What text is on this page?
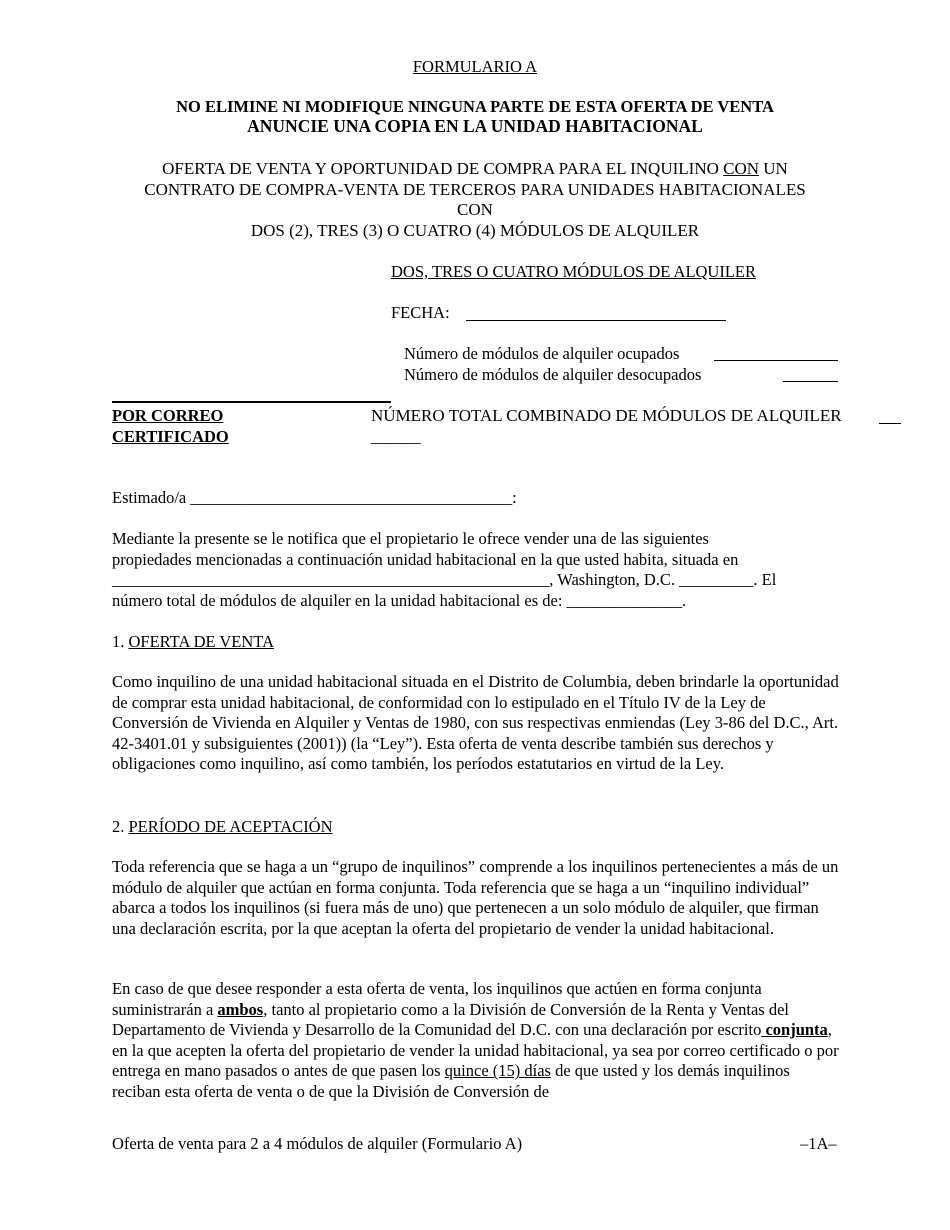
FORMULARIO A
NO ELIMINE NI MODIFIQUE NINGUNA PARTE DE ESTA OFERTA DE VENTA
ANUNCIE UNA COPIA EN LA UNIDAD HABITACIONAL
OFERTA DE VENTA Y OPORTUNIDAD DE COMPRA PARA EL INQUILINO CON UN
CONTRATO DE COMPRA-VENTA DE TERCEROS PARA UNIDADES HABITACIONALES
CON
DOS (2), TRES (3) O CUATRO (4) MÓDULOS DE ALQUILER
DOS, TRES O CUATRO MÓDULOS DE ALQUILER
FECHA:
Número de módulos de alquiler ocupados
Número de módulos de alquiler desocupados
POR CORREO
CERTIFICADO
NÚMERO TOTAL COMBINADO DE MÓDULOS DE ALQUILER
______
Estimado/a _______________________________________:
Mediante la presente se le notifica que el propietario le ofrece vender una de las siguientes
propiedades mencionadas a continuación unidad habitacional en la que usted habita, situada en
_____________________________________________________, Washington, D.C. _________. El
número total de módulos de alquiler en la unidad habitacional es de: ______________.
1. OFERTA DE VENTA

Como inquilino de una unidad habitacional situada en el Distrito de Columbia, deben brindarle la oportunidad de comprar esta unidad habitacional, de conformidad con lo estipulado en el Título IV de la Ley de Conversión de Vivienda en Alquiler y Ventas de 1980, con sus respectivas enmiendas (Ley 3-86 del D.C., Art. 42-3401.01 y subsiguientes (2001)) (la “Ley”). Esta oferta de venta describe también sus derechos y obligaciones como inquilino, así como también, los períodos estatutarios en virtud de la Ley.

2. PERÍODO DE ACEPTACIÓN

Toda referencia que se haga a un “grupo de inquilinos” comprende a los inquilinos pertenecientes a más de un módulo de alquiler que actúan en forma conjunta. Toda referencia que se haga a un “inquilino individual” abarca a todos los inquilinos (si fuera más de uno) que pertenecen a un solo módulo de alquiler, que firman una declaración escrita, por la que aceptan la oferta del propietario de vender la unidad habitacional.

En caso de que desee responder a esta oferta de venta, los inquilinos que actúen en forma conjunta suministrarán a ambos, tanto al propietario como a la División de Conversión de la Renta y Ventas del Departamento de Vivienda y Desarrollo de la Comunidad del D.C. con una declaración por escrito conjunta, en la que acepten la oferta del propietario de vender la unidad habitacional, ya sea por correo certificado o por entrega en mano pasados o antes de que pasen los quince (15) días de que usted y los demás inquilinos reciban esta oferta de venta o de que la División de Conversión de

Oferta de venta para 2 a 4 módulos de alquiler (Formulario A)	–1A–
